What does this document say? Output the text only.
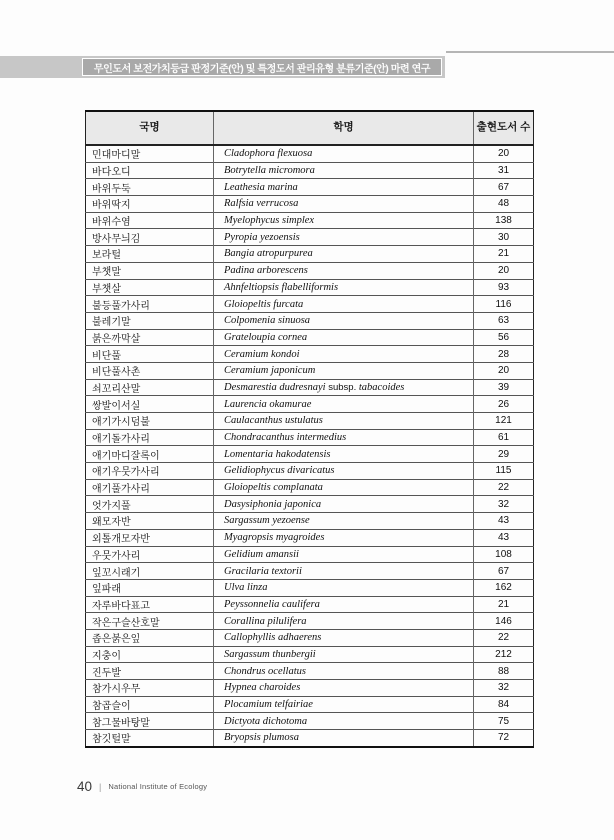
무인도서 보전가치등급 판정기준(안) 및 특정도서 관리유형 분류기준(안) 마련 연구
국명	학명	출현도서 수
민대마디말	Cladophora flexuosa	20
바다오디	Botrytella micromora	31
바위두둑	Leathesia marina	67
바위딱지	Ralfsia verrucosa	48
바위수염	Myelophycus simplex	138
방사무늬김	Pyropia yezoensis	30
보라털	Bangia atropurpurea	21
부챗말	Padina arborescens	20
부챗살	Ahnfeltiopsis flabelliformis	93
불등풀가사리	Gloiopeltis furcata	116
불레기말	Colpomenia sinuosa	63
붉은까막살	Grateloupia cornea	56
비단풀	Ceramium kondoi	28
비단풀사촌	Ceramium japonicum	20
쇠꼬리산말	Desmarestia dudresnayi subsp. tabacoides	39
쌍발이서실	Laurencia okamurae	26
애기가시덤불	Caulacanthus ustulatus	121
애기돌가사리	Chondracanthus intermedius	61
애기마디잘록이	Lomentaria hakodatensis	29
애기우뭇가사리	Gelidiophycus divaricatus	115
애기풀가사리	Gloiopeltis complanata	22
엇가지풀	Dasysiphonia japonica	32
왜모자반	Sargassum yezoense	43
외톨개모자반	Myagropsis myagroides	43
우뭇가사리	Gelidium amansii	108
잎꼬시래기	Gracilaria textorii	67
잎파래	Ulva linza	162
자루바다표고	Peyssonnelia caulifera	21
작은구슬산호말	Corallina pilulifera	146
좁은붉은잎	Callophyllis adhaerens	22
지충이	Sargassum thunbergii	212
진두발	Chondrus ocellatus	88
참가시우무	Hypnea charoides	32
참곱슬이	Plocamium telfairiae	84
참그물바탕말	Dictyota dichotoma	75
참깃털말	Bryopsis plumosa	72
40 | National Institute of Ecology
